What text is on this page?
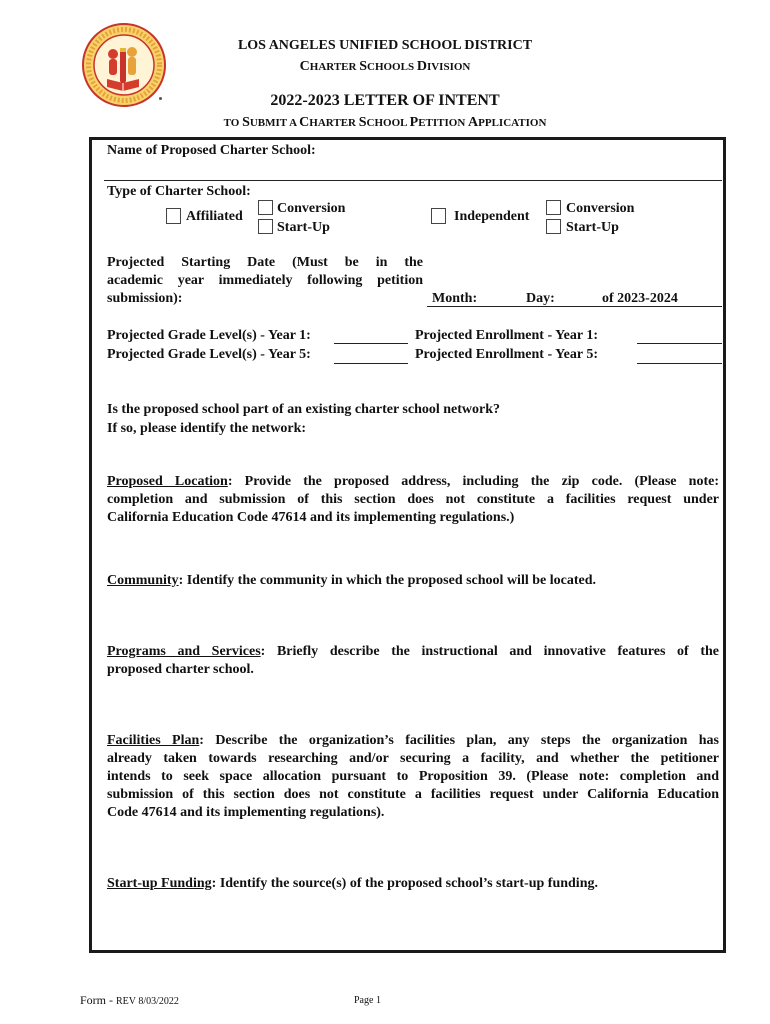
LOS ANGELES UNIFIED SCHOOL DISTRICT
CHARTER SCHOOLS DIVISION
2022-2023 LETTER OF INTENT
TO SUBMIT A CHARTER SCHOOL PETITION APPLICATION
Name of Proposed Charter School:
Type of Charter School:
Affiliated
Conversion
Start-Up
Independent
Conversion
Start-Up
Projected Starting Date (Must be in the
academic year immediately following petition
submission):	Month:	Day:	of 2023-2024
Projected Grade Level(s) - Year 1:	Projected Enrollment - Year 1:
Projected Grade Level(s) - Year 5:	Projected Enrollment - Year 5:
Is the proposed school part of an existing charter school network?
If so, please identify the network:
Proposed Location: Provide the proposed address, including the zip code. (Please note:
completion and submission of this section does not constitute a facilities request under
California Education Code 47614 and its implementing regulations.)
Community: Identify the community in which the proposed school will be located.
Programs and Services: Briefly describe the instructional and innovative features of the
proposed charter school.
Facilities Plan: Describe the organization’s facilities plan, any steps the organization has
already taken towards researching and/or securing a facility, and whether the petitioner
intends to seek space allocation pursuant to Proposition 39. (Please note: completion and
submission of this section does not constitute a facilities request under California Education
Code 47614 and its implementing regulations).
Start-up Funding: Identify the source(s) of the proposed school’s start-up funding.
Form - REV 8/03/2022	Page 1
